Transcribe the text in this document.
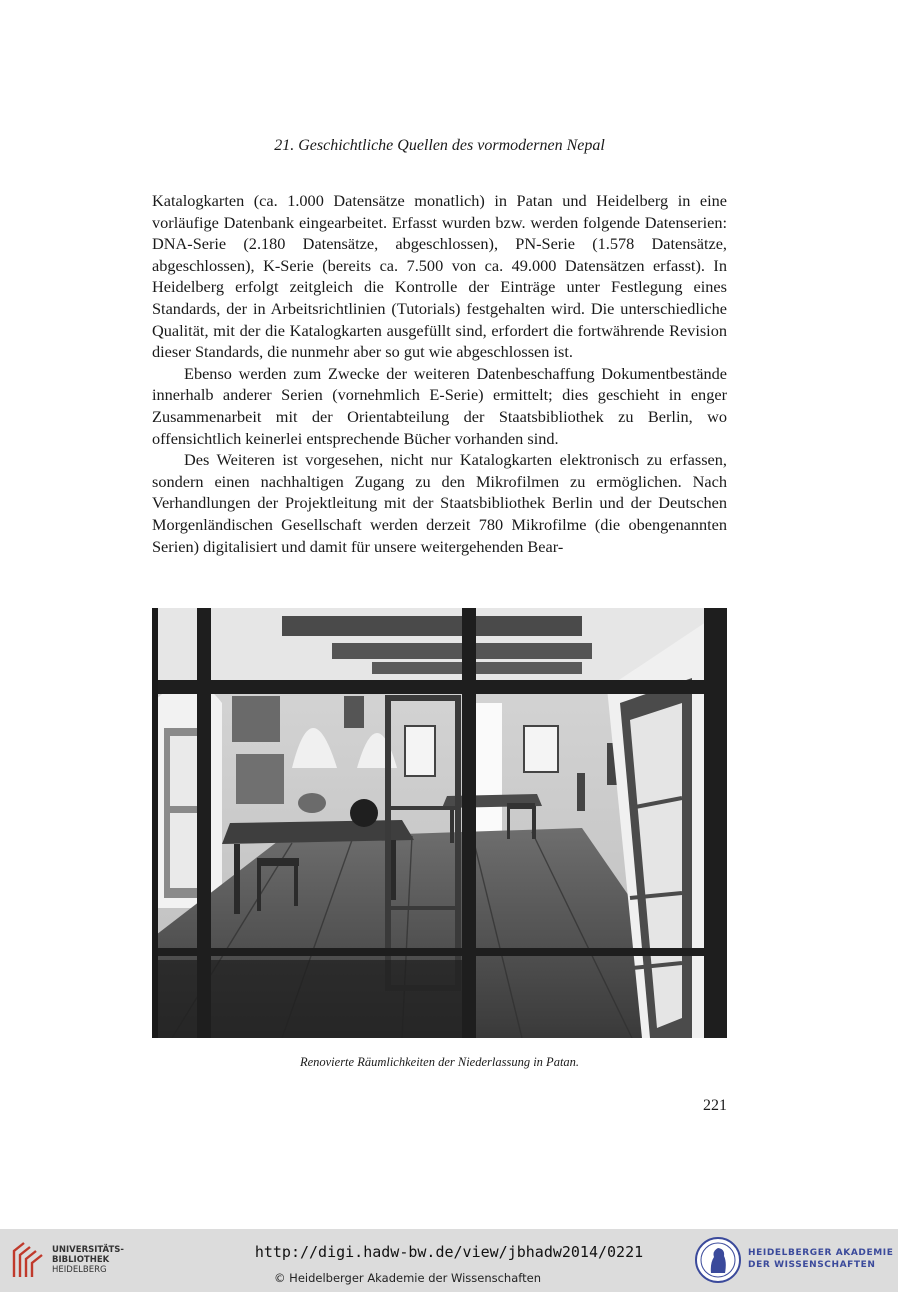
21. Geschichtliche Quellen des vormodernen Nepal

Katalogkarten (ca. 1.000 Datensätze monatlich) in Patan und Heidelberg in eine vorläufige Datenbank eingearbeitet. Erfasst wurden bzw. werden folgende Datenserien: DNA-Serie (2.180 Datensätze, abgeschlossen), PN-Serie (1.578 Datensätze, abgeschlossen), K-Serie (bereits ca. 7.500 von ca. 49.000 Datensätzen erfasst). In Heidelberg erfolgt zeitgleich die Kontrolle der Einträge unter Festlegung eines Standards, der in Arbeitsrichtlinien (Tutorials) festgehalten wird. Die unterschiedliche Qualität, mit der die Katalogkarten ausgefüllt sind, erfordert die fortwährende Revision dieser Standards, die nunmehr aber so gut wie abgeschlossen ist.

Ebenso werden zum Zwecke der weiteren Datenbeschaffung Dokumentbestände innerhalb anderer Serien (vornehmlich E-Serie) ermittelt; dies geschieht in enger Zusammenarbeit mit der Orientabteilung der Staatsbibliothek zu Berlin, wo offensichtlich keinerlei entsprechende Bücher vorhanden sind.

Des Weiteren ist vorgesehen, nicht nur Katalogkarten elektronisch zu erfassen, sondern einen nachhaltigen Zugang zu den Mikrofilmen zu ermöglichen. Nach Verhandlungen der Projektleitung mit der Staatsbibliothek Berlin und der Deutschen Morgenländischen Gesellschaft werden derzeit 780 Mikrofilme (die obengenannten Serien) digitalisiert und damit für unsere weitergehenden Bear-

Renovierte Räumlichkeiten der Niederlassung in Patan.
221
UNIVERSITÄTS-
BIBLIOTHEK
HEIDELBERG
http://digi.hadw-bw.de/view/jbhadw2014/0221
© Heidelberger Akademie der Wissenschaften
HEIDELBERGER AKADEMIE
DER WISSENSCHAFTEN
